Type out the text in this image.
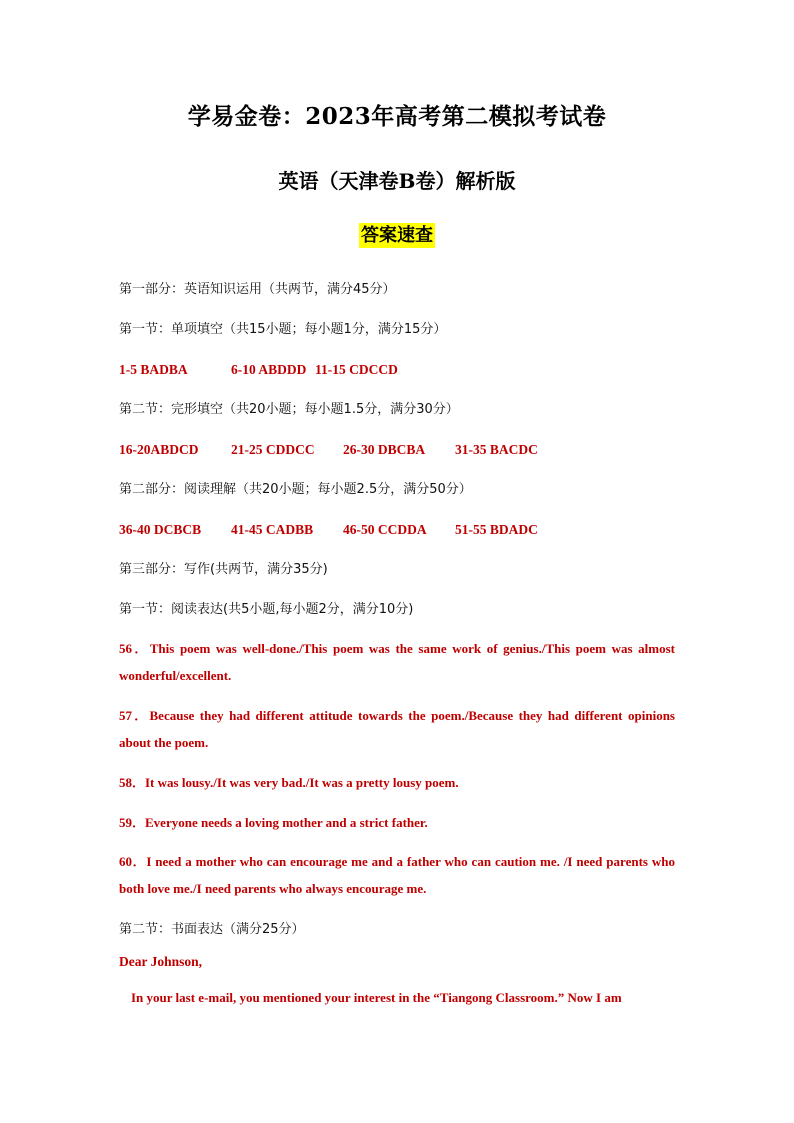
学易金卷：2023年高考第二模拟考试卷
英语（天津卷B卷）解析版
答案速查
第一部分：英语知识运用（共两节，满分45分）
第一节：单项填空（共15小题；每小题1分，满分15分）
1-5 BADBA	6-10 ABDDD 11-15 CDCCD
第二节：完形填空（共20小题；每小题1.5分，满分30分）
16-20ABDCD 21-25 CDDCC 26-30 DBCBA 31-35 BACDC
第二部分：阅读理解（共20小题；每小题2.5分，满分50分）
36-40 DCBCB 41-45 CADBB 46-50 CCDDA 51-55 BDADC
第三部分：写作(共两节，满分35分)
第一节：阅读表达(共5小题,每小题2分，满分10分)
56．This poem was well-done./This poem was the same work of genius./This poem was almost wonderful/excellent.
57．Because they had different attitude towards the poem./Because they had different opinions about the poem.
58．It was lousy./It was very bad./It was a pretty lousy poem.
59．Everyone needs a loving mother and a strict father.
60．I need a mother who can encourage me and a father who can caution me. /I need parents who both love me./I need parents who always encourage me.
第二节：书面表达（满分25分）
Dear Johnson,
In your last e-mail, you mentioned your interest in the “Tiangong Classroom.” Now I am
